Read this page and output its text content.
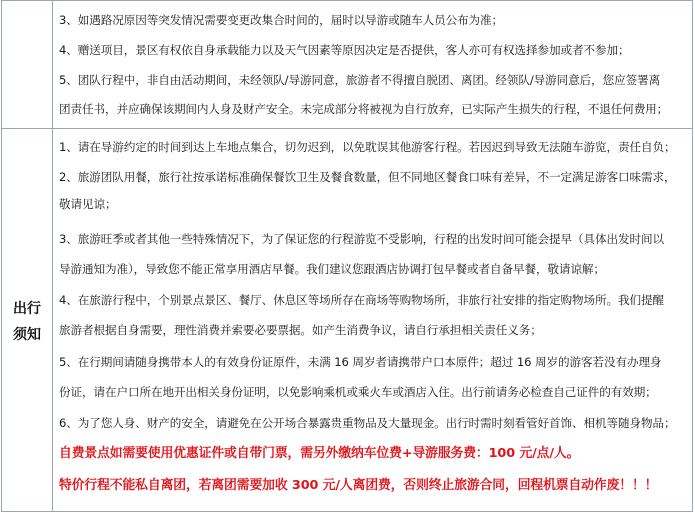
出行
须知
3、如遇路况原因等突发情况需要变更改集合时间的，届时以导游或随车人员公布为准；
4、赠送项目，景区有权依自身承载能力以及天气因素等原因决定是否提供，客人亦可有权选择参加或者不参加；
5、团队行程中，非自由活动期间，未经领队/导游同意，旅游者不得擅自脱团、离团。经领队/导游同意后，您应签署离
团责任书，并应确保该期间内人身及财产安全。未完成部分将被视为自行放弃，已实际产生损失的行程，不退任何费用；
1、请在导游约定的时间到达上车地点集合，切勿迟到，以免耽误其他游客行程。若因迟到导致无法随车游览，责任自负；
2、旅游团队用餐，旅行社按承诺标准确保餐饮卫生及餐食数量，但不同地区餐食口味有差异，不一定满足游客口味需求，
敬请见谅；
3、旅游旺季或者其他一些特殊情况下，为了保证您的行程游览不受影响，行程的出发时间可能会提早（具体出发时间以
导游通知为准），导致您不能正常享用酒店早餐。我们建议您跟酒店协调打包早餐或者自备早餐，敬请谅解；
4、在旅游行程中，个别景点景区、餐厅、休息区等场所存在商场等购物场所，非旅行社安排的指定购物场所。我们提醒
旅游者根据自身需要，理性消费并索要必要票据。如产生消费争议，请自行承担相关责任义务；
5、在行期间请随身携带本人的有效身份证原件，未满 16 周岁者请携带户口本原件；超过 16 周岁的游客若没有办理身
份证，请在户口所在地开出相关身份证明，以免影响乘机或乘火车或酒店入住。出行前请务必检查自己证件的有效期；
6、为了您人身、财产的安全，请避免在公开场合暴露贵重物品及大量现金。出行时需时刻看管好首饰、相机等随身物品；
自费景点如需要使用优惠证件或自带门票，需另外缴纳车位费+导游服务费：100 元/点/人。
特价行程不能私自离团，若离团需要加收 300 元/人离团费，否则终止旅游合同，回程机票自动作废！！！
